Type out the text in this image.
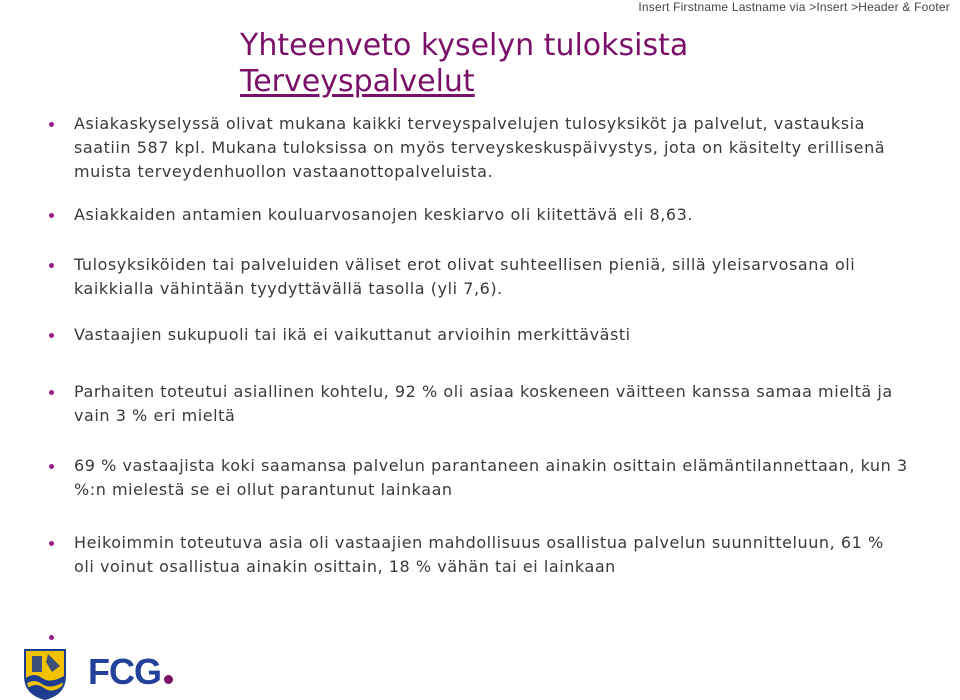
Insert Firstname Lastname via >Insert >Header & Footer
Yhteenveto kyselyn tuloksista
Terveyspalvelut
Asiakaskyselyssä olivat mukana kaikki terveyspalvelujen tulosyksiköt ja palvelut, vastauksia saatiin 587 kpl. Mukana tuloksissa on myös terveyskeskuspäivystys, jota on käsitelty erillisenä muista terveydenhuollon vastaanottopalveluista.
Asiakkaiden antamien kouluarvosanojen keskiarvo oli kiitettävä eli 8,63.
Tulosyksiköiden tai palveluiden väliset erot olivat suhteellisen pieniä, sillä yleisarvosana oli kaikkialla vähintään tyydyttävällä tasolla (yli 7,6).
Vastaajien sukupuoli tai ikä ei vaikuttanut arvioihin merkittävästi
Parhaiten toteutui asiallinen kohtelu, 92 % oli asiaa koskeneen väitteen kanssa samaa mieltä ja vain 3 % eri mieltä
69 % vastaajista koki saamansa palvelun parantaneen ainakin osittain elämäntilannettaan, kun 3 %:n mielestä se ei ollut parantunut lainkaan
Heikoimmin toteutuva asia oli vastaajien mahdollisuus osallistua palvelun suunnitteluun, 61 % oli voinut osallistua ainakin osittain, 18 % vähän tai ei lainkaan
FCG
